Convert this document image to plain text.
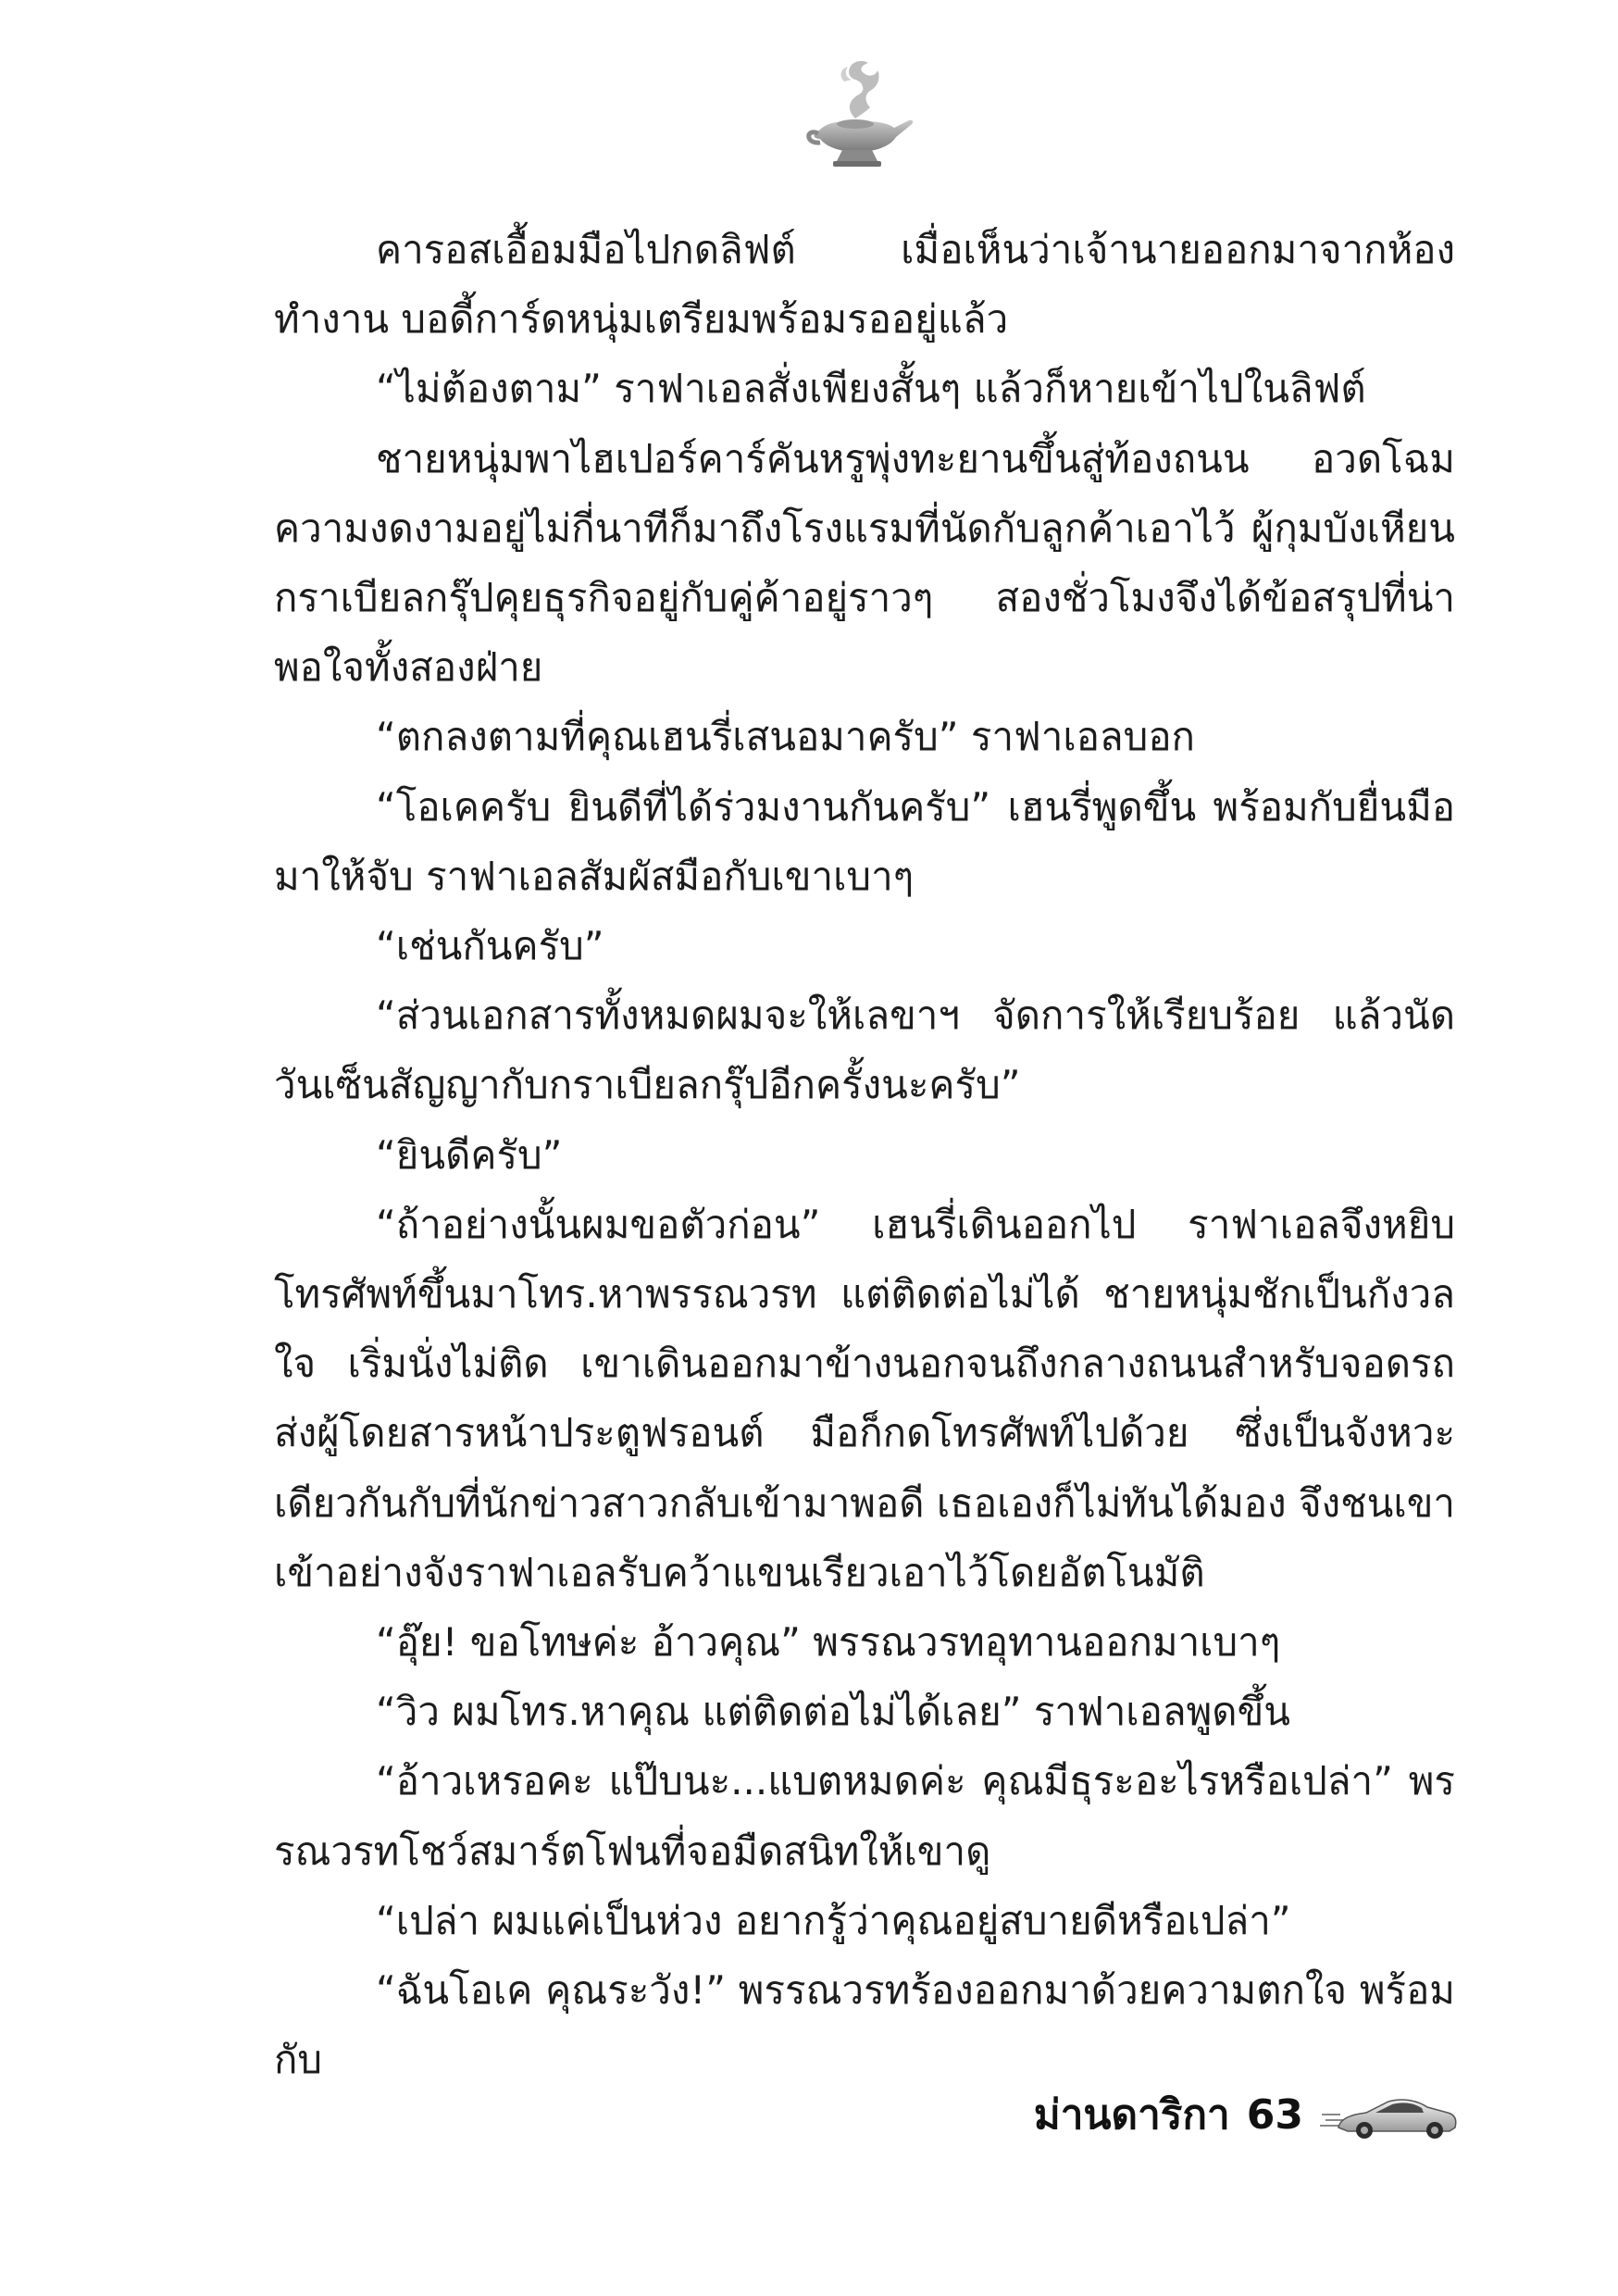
คารอสเอื้อมมือไปกดลิฟต์ เมื่อเห็นว่าเจ้านายออกมาจากห้องทำงาน บอดี้การ์ดหนุ่มเตรียมพร้อมรออยู่แล้ว

“ไม่ต้องตาม” ราฟาเอลสั่งเพียงสั้นๆ แล้วก็หายเข้าไปในลิฟต์

ชายหนุ่มพาไฮเปอร์คาร์คันหรูพุ่งทะยานขึ้นสู่ท้องถนน อวดโฉมความงดงามอยู่ไม่กี่นาทีก็มาถึงโรงแรมที่นัดกับลูกค้าเอาไว้ ผู้กุมบังเหียนกราเบียลกรุ๊ปคุยธุรกิจอยู่กับคู่ค้าอยู่ราวๆ สองชั่วโมงจึงได้ข้อสรุปที่น่าพอใจทั้งสองฝ่าย

“ตกลงตามที่คุณเฮนรี่เสนอมาครับ” ราฟาเอลบอก

“โอเคครับ ยินดีที่ได้ร่วมงานกันครับ” เฮนรี่พูดขึ้น พร้อมกับยื่นมือมาให้จับ ราฟาเอลสัมผัสมือกับเขาเบาๆ

“เช่นกันครับ”

“ส่วนเอกสารทั้งหมดผมจะให้เลขาฯ จัดการให้เรียบร้อย แล้วนัดวันเซ็นสัญญากับกราเบียลกรุ๊ปอีกครั้งนะครับ”

“ยินดีครับ”

“ถ้าอย่างนั้นผมขอตัวก่อน” เฮนรี่เดินออกไป ราฟาเอลจึงหยิบโทรศัพท์ขึ้นมาโทร.หาพรรณวรท แต่ติดต่อไม่ได้ ชายหนุ่มชักเป็นกังวลใจ เริ่มนั่งไม่ติด เขาเดินออกมาข้างนอกจนถึงกลางถนนสำหรับจอดรถส่งผู้โดยสารหน้าประตูฟรอนต์ มือก็กดโทรศัพท์ไปด้วย ซึ่งเป็นจังหวะเดียวกันกับที่นักข่าวสาวกลับเข้ามาพอดี เธอเองก็ไม่ทันได้มอง จึงชนเขาเข้าอย่างจังราฟาเอลรับคว้าแขนเรียวเอาไว้โดยอัตโนมัติ

“อุ๊ย! ขอโทษค่ะ อ้าวคุณ” พรรณวรทอุทานออกมาเบาๆ

“วิว ผมโทร.หาคุณ แต่ติดต่อไม่ได้เลย” ราฟาเอลพูดขึ้น

“อ้าวเหรอคะ แป๊บนะ...แบตหมดค่ะ คุณมีธุระอะไรหรือเปล่า” พรรณวรทโชว์สมาร์ตโฟนที่จอมืดสนิทให้เขาดู

“เปล่า ผมแค่เป็นห่วง อยากรู้ว่าคุณอยู่สบายดีหรือเปล่า”

“ฉันโอเค คุณระวัง!” พรรณวรทร้องออกมาด้วยความตกใจ พร้อมกับ

ม่านดาริกา 63
